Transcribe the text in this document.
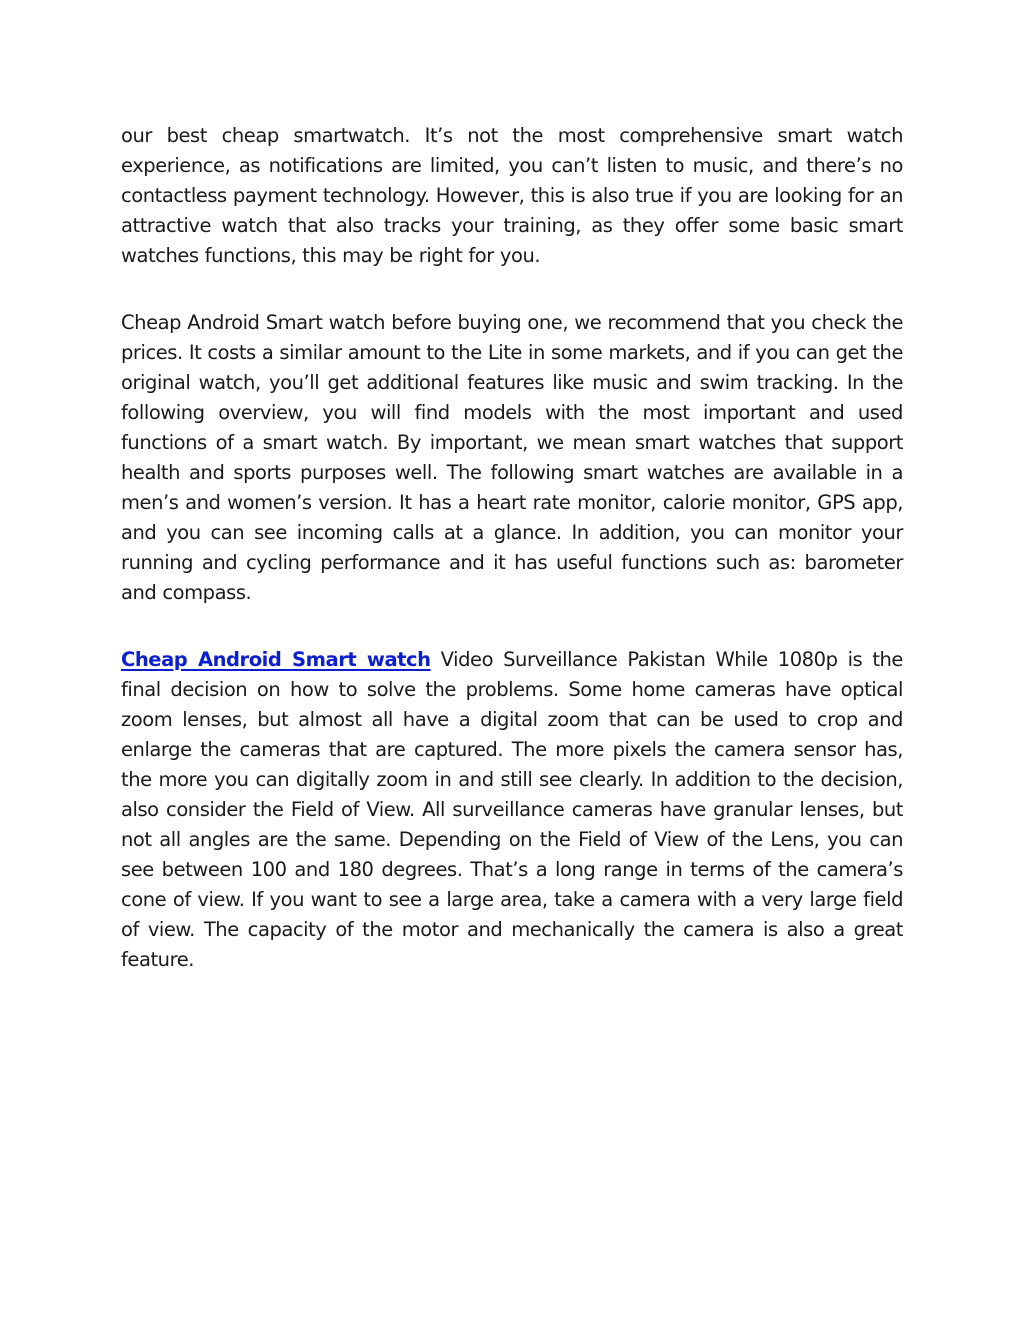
our best cheap smartwatch. It’s not the most comprehensive smart watch experience, as notifications are limited, you can’t listen to music, and there’s no contactless payment technology. However, this is also true if you are looking for an attractive watch that also tracks your training, as they offer some basic smart watches functions, this may be right for you.

Cheap Android Smart watch before buying one, we recommend that you check the prices. It costs a similar amount to the Lite in some markets, and if you can get the original watch, you’ll get additional features like music and swim tracking. In the following overview, you will find models with the most important and used functions of a smart watch. By important, we mean smart watches that support health and sports purposes well. The following smart watches are available in a men’s and women’s version. It has a heart rate monitor, calorie monitor, GPS app, and you can see incoming calls at a glance. In addition, you can monitor your running and cycling performance and it has useful functions such as: barometer and compass.

Cheap Android Smart watch Video Surveillance Pakistan While 1080p is the final decision on how to solve the problems. Some home cameras have optical zoom lenses, but almost all have a digital zoom that can be used to crop and enlarge the cameras that are captured. The more pixels the camera sensor has, the more you can digitally zoom in and still see clearly. In addition to the decision, also consider the Field of View. All surveillance cameras have granular lenses, but not all angles are the same. Depending on the Field of View of the Lens, you can see between 100 and 180 degrees. That’s a long range in terms of the camera’s cone of view. If you want to see a large area, take a camera with a very large field of view. The capacity of the motor and mechanically the camera is also a great feature.
